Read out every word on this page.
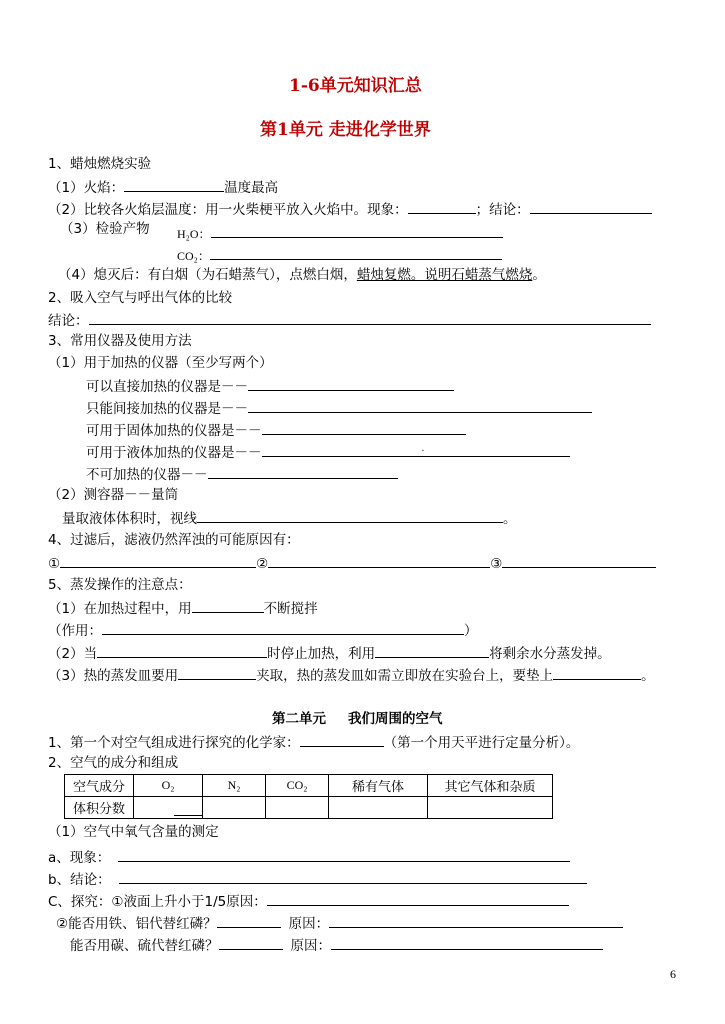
1-6单元知识汇总
第1单元 走进化学世界
1、蜡烛燃烧实验
（1）火焰：	温度最高
（2）比较各火焰层温度：用一火柴梗平放入火焰中。现象：	；结论：
（3）检验产物 H₂O：
CO₂：
（4）熄灭后：有白烟（为石蜡蒸气），点燃白烟，蜡烛复燃。说明石蜡蒸气燃烧。
2、吸入空气与呼出气体的比较
结论：
3、常用仪器及使用方法
（1）用于加热的仪器（至少写两个）
可以直接加热的仪器是－－
只能间接加热的仪器是－－
可用于固体加热的仪器是－－
可用于液体加热的仪器是－－	.
不可加热的仪器－－
（2）测容器－－量筒
量取液体体积时，视线	。
4、过滤后，滤液仍然浑浊的可能原因有：
①	②	③
5、蒸发操作的注意点：
（1）在加热过程中，用	不断搅拌
（作用：	）
（2）当	时停止加热，利用	将剩余水分蒸发掉。
（3）热的蒸发皿要用	夹取，热的蒸发皿如需立即放在实验台上，要垫上	。
第二单元 我们周围的空气
1、第一个对空气组成进行探究的化学家：	（第一个用天平进行定量分析）。
2、空气的成分和组成
空气成分	O₂	N₂	CO₂	稀有气体	其它气体和杂质
体积分数	

（1）空气中氧气含量的测定
a、现象：
b、结论：
C、探究：①液面上升小于1/5原因：
②能否用铁、铝代替红磷？	原因：
能否用碳、硫代替红磷？	原因：
6
